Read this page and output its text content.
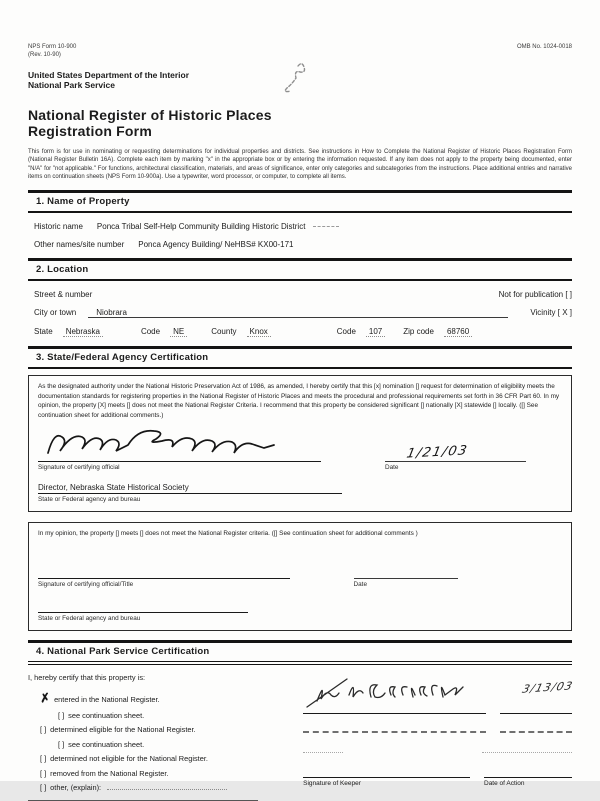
NPS Form 10-900
(Rev. 10-90)
OMB No. 1024-0018
United States Department of the Interior
National Park Service
National Register of Historic Places
Registration Form
This form is for use in nominating or requesting determinations for individual properties and districts. See instructions in How to Complete the National Register of Historic Places Registration Form (National Register Bulletin 16A). Complete each item by marking "x" in the appropriate box or by entering the information requested. If any item does not apply to the property being documented, enter "N/A" for "not applicable." For functions, architectural classification, materials, and areas of significance, enter only categories and subcategories from the instructions. Place additional entries and narrative items on continuation sheets (NPS Form 10-900a). Use a typewriter, word processor, or computer, to complete all items.
1. Name of Property
Historic name Ponca Tribal Self-Help Community Building Historic District
Other names/site number Ponca Agency Building/ NeHBS# KX00-171
2. Location
Street & number	Not for publication [ ]
City or town	Niobrara	Vicinity [ X ]
State	Nebraska	Code	NE	County	Knox	Code	107	Zip code	68760
3. State/Federal Agency Certification
As the designated authority under the National Historic Preservation Act of 1986, as amended, I hereby certify that this [x] nomination [] request for determination of eligibility meets the documentation standards for registering properties in the National Register of Historic Places and meets the procedural and professional requirements set forth in 36 CFR Part 60. In my opinion, the property [X] meets [] does not meet the National Register Criteria. I recommend that this property be considered significant [] nationally [X] statewide [] locally. ([] See continuation sheet for additional comments.)
Signature of certifying official
1/21/03
Date
Director, Nebraska State Historical Society
State or Federal agency and bureau
In my opinion, the property [] meets [] does not meet the National Register criteria. ([] See continuation sheet for additional comments )
Signature of certifying official/Title	Date
State or Federal agency and bureau
4. National Park Service Certification
I, hereby certify that this property is:
✗ entered in the National Register.
[ ] see continuation sheet.
[ ] determined eligible for the National Register.
[ ] see continuation sheet.
[ ] determined not eligible for the National Register.
[ ] removed from the National Register.
[ ] other, (explain):
3/13/03
Signature of Keeper	Date of Action
